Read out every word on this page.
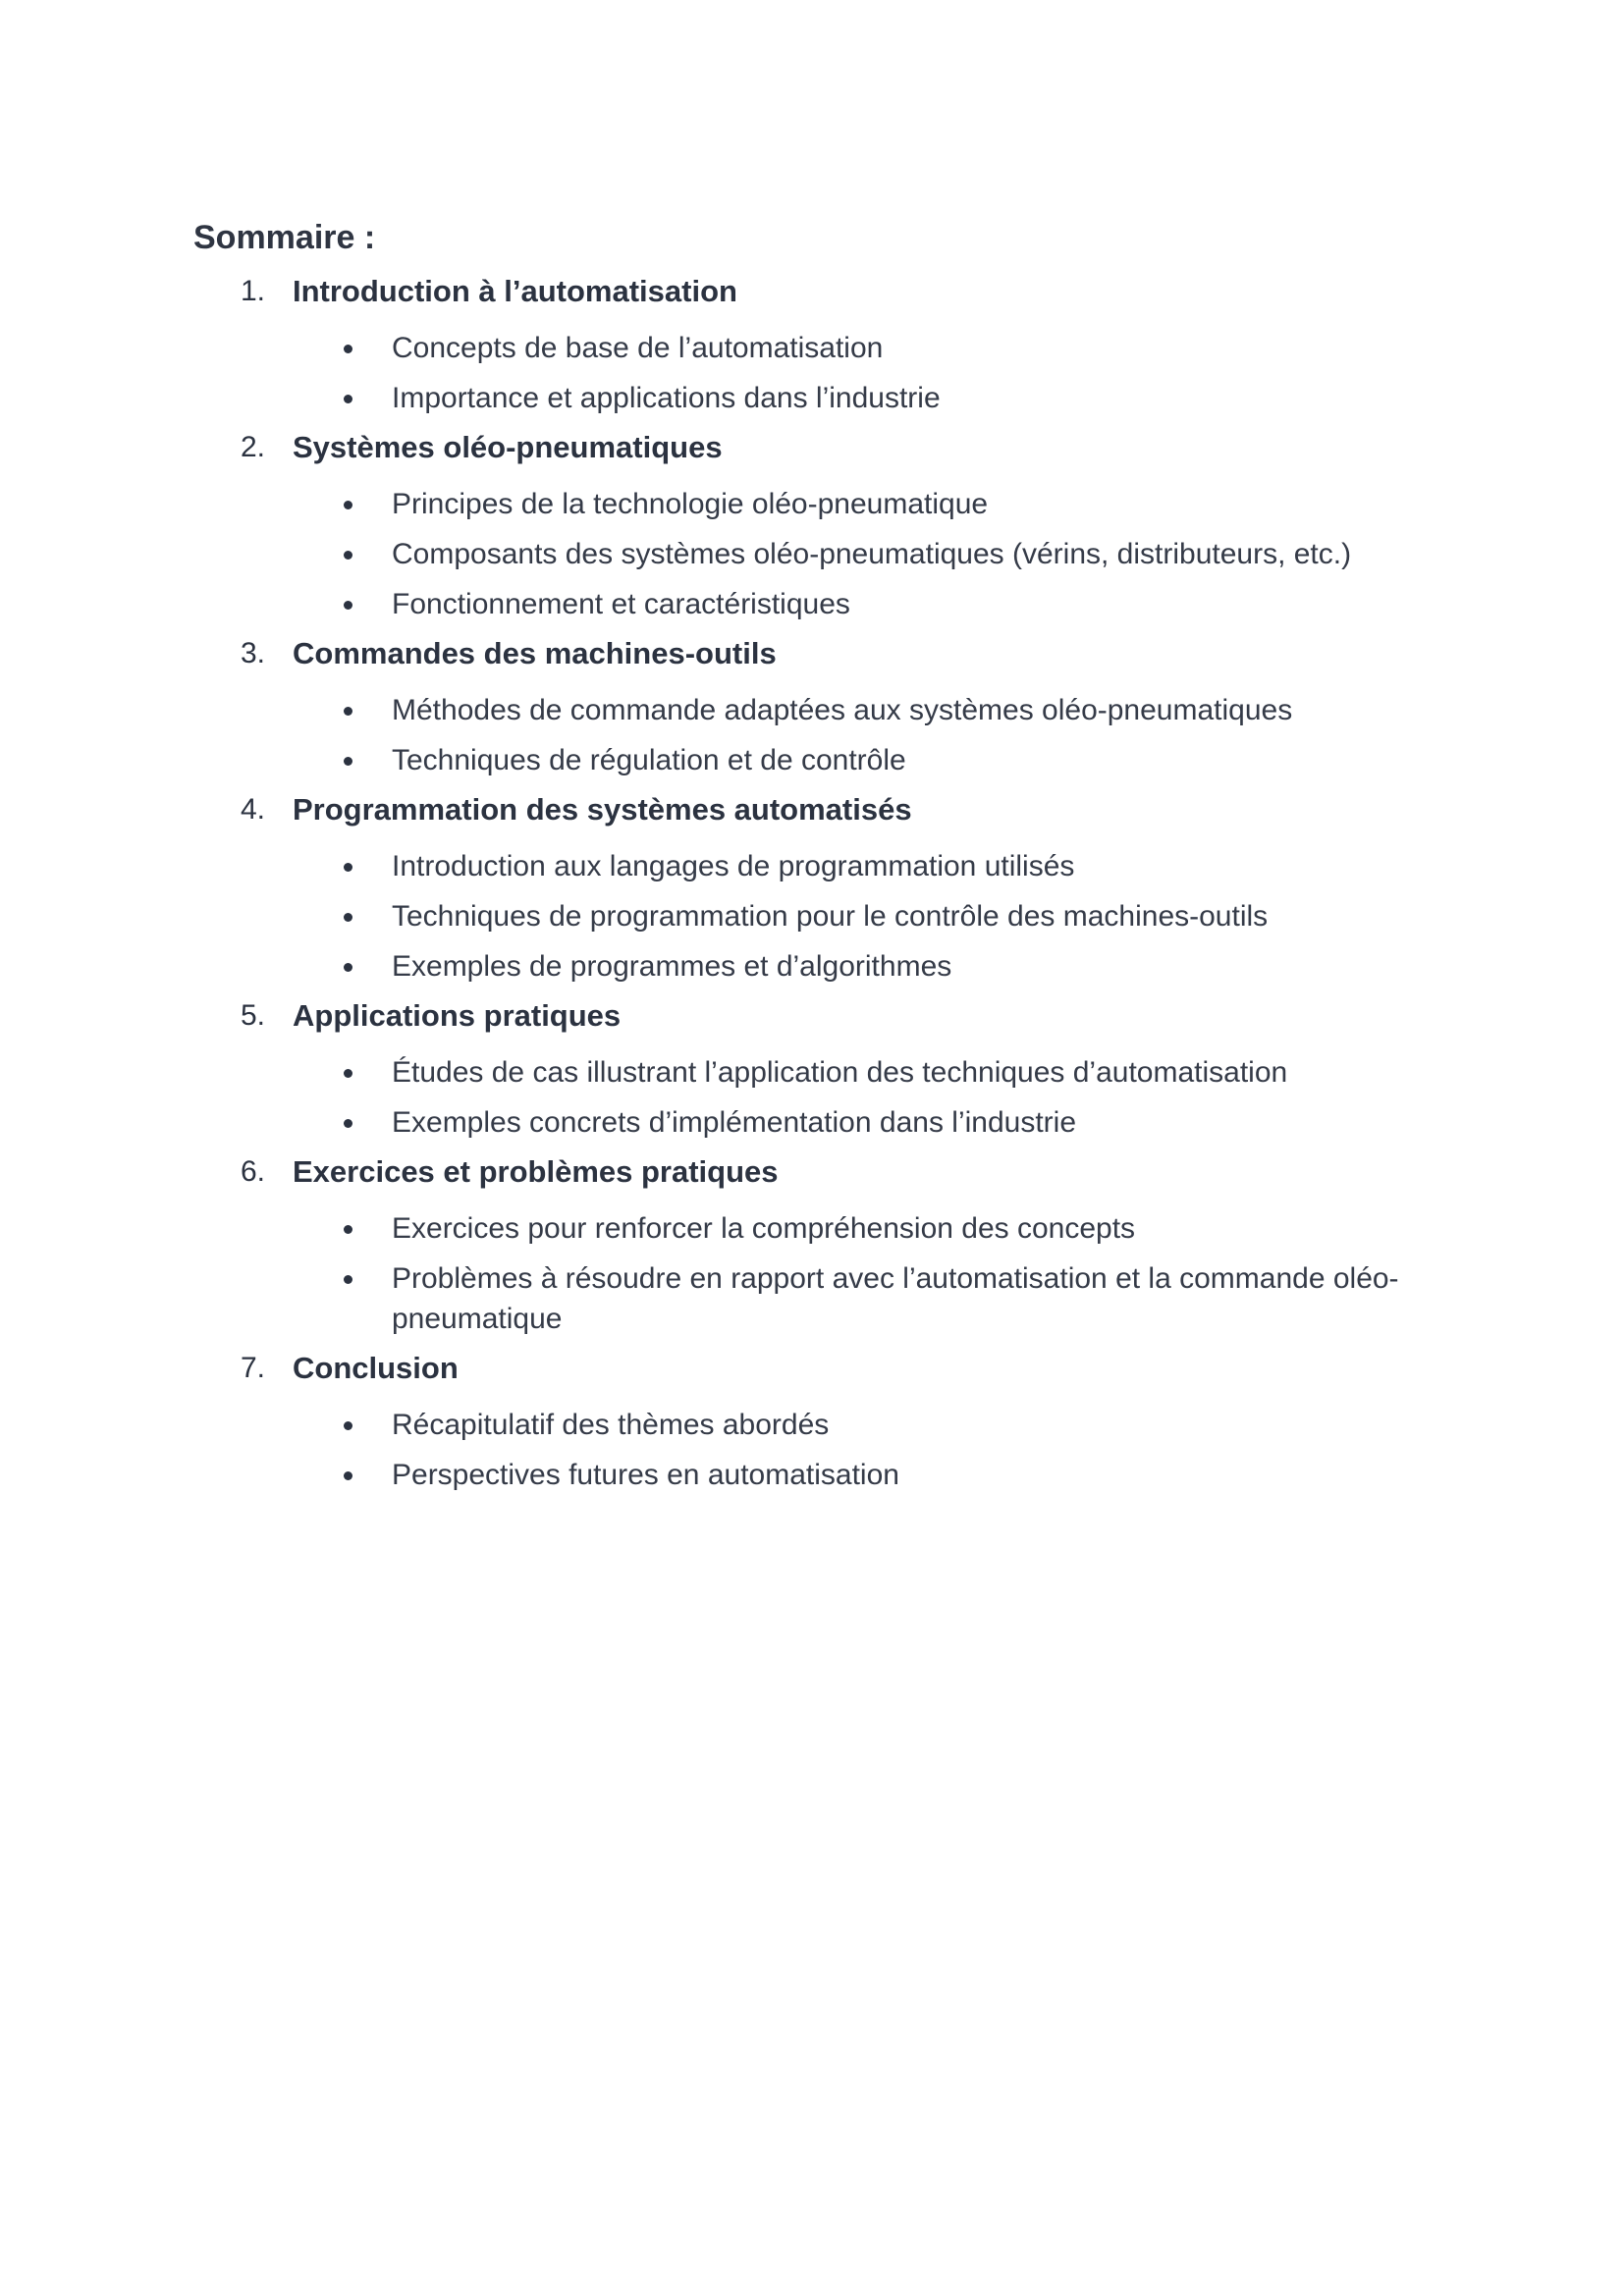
Sommaire :
1. Introduction à l’automatisation
Concepts de base de l’automatisation
Importance et applications dans l’industrie
2. Systèmes oléo-pneumatiques
Principes de la technologie oléo-pneumatique
Composants des systèmes oléo-pneumatiques (vérins, distributeurs, etc.)
Fonctionnement et caractéristiques
3. Commandes des machines-outils
Méthodes de commande adaptées aux systèmes oléo-pneumatiques
Techniques de régulation et de contrôle
4. Programmation des systèmes automatisés
Introduction aux langages de programmation utilisés
Techniques de programmation pour le contrôle des machines-outils
Exemples de programmes et d’algorithmes
5. Applications pratiques
Études de cas illustrant l’application des techniques d’automatisation
Exemples concrets d’implémentation dans l’industrie
6. Exercices et problèmes pratiques
Exercices pour renforcer la compréhension des concepts
Problèmes à résoudre en rapport avec l’automatisation et la commande oléo-pneumatique
7. Conclusion
Récapitulatif des thèmes abordés
Perspectives futures en automatisation
